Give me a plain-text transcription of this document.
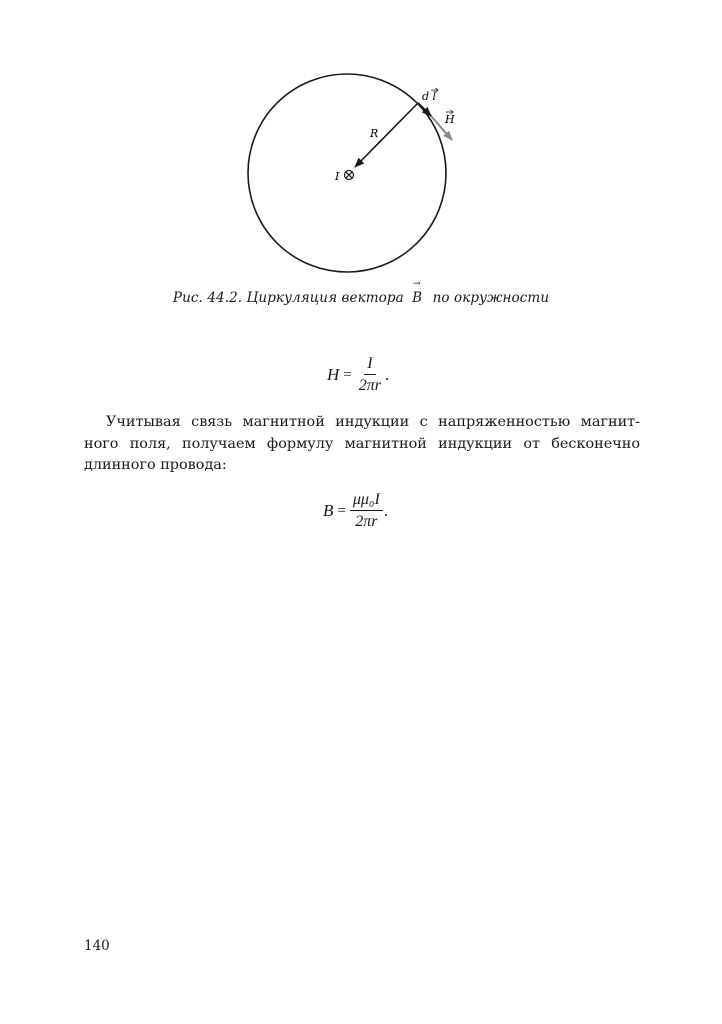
I
R
d l
H
Рис. 44.2. Циркуляция вектора → B по окружности
$H = \frac{I}{2\pi r}$ .

Учитывая связь магнитной индукции с напряженностью магнит-
ного поля, получаем формулу магнитной индукции от бесконечно
длинного провода:

$B = \frac{\text{μμ₀I}}{2\pi r}$ .
140
